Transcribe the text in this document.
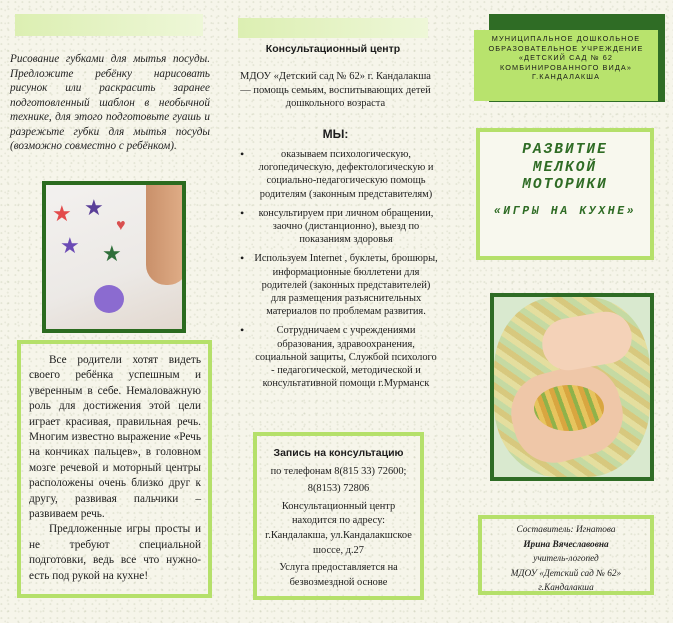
Рисование губками для мытья посуды. Предложите ребёнку нарисовать рисунок или раскрасить заранее подготовленный шаблон в необычной технике, для этого подготовьте гуашь и разрежьте губки для мытья посуды (возможно совместно с ребёнком).
★ ★
★ ★
♥

Все родители хотят видеть своего ребёнка успешным и уверенным в себе. Немаловажную роль для достижения этой цели играет красивая, правильная речь. Многим известно выражение «Речь на кончиках пальцев», в головном мозге речевой и моторный центры расположены очень близко друг к другу, развивая пальчики – развиваем речь.

Предложенные игры просты и не требуют специальной подготовки, ведь все что нужно- есть под рукой на кухне!

Консультационный центр
МДОУ «Детский сад № 62» г. Кандалакша — помощь семьям, воспитывающих детей дошкольного возраста
МЫ:
• оказываем психологическую, логопедическую, дефектологическую и социально-педагогическую помощь родителям (законным представителям)
• консультируем при личном обращении, заочно (дистанционно), выезд по показаниям здоровья
• Используем Internet , буклеты, брошюры, информационные бюллетени для родителей (законных представителей) для размещения разъяснительных материалов по проблемам развития.
• Сотрудничаем с учреждениями образования, здравоохранения, социальной защиты, Службой психолого - педагогической, методической и консультативной помощи г.Мурманск
Запись на консультацию

по телефонам 8(815 33) 72600;

8(8153) 72806

Консультационный центр находится по адресу: г.Кандалакша, ул.Кандалакшское шоссе, д.27

Услуга предоставляется на безвозмездной основе

МУНИЦИПАЛЬНОЕ ДОШКОЛЬНОЕ ОБРАЗОВАТЕЛЬНОЕ УЧРЕЖДЕНИЕ «ДЕТСКИЙ САД № 62 КОМБИНИРОВАННОГО ВИДА» Г.КАНДАЛАКША
РАЗВИТИЕ
МЕЛКОЙ
МОТОРИКИ
«ИГРЫ НА КУХНЕ»
Составитель: Игнатова
Ирина Вячеславовна
учитель-логопед
МДОУ «Детский сад № 62» г.Кандалакша
